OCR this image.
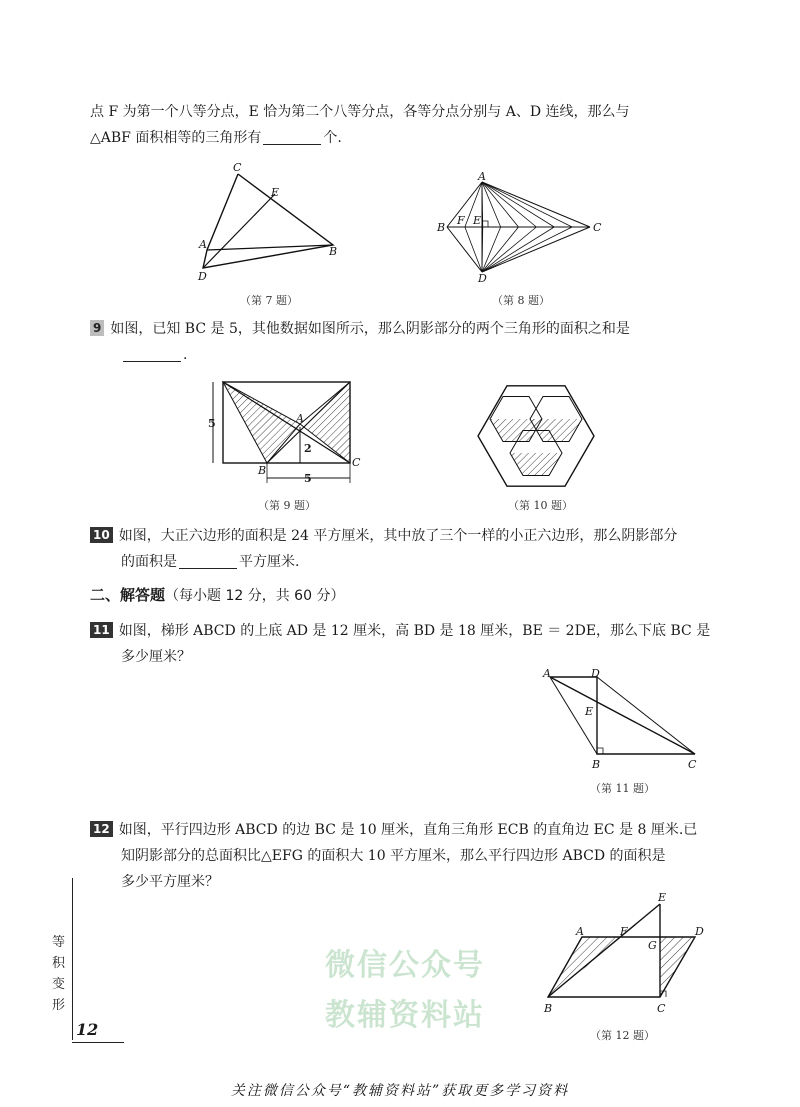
点 F 为第一个八等分点，E 恰为第二个八等分点，各等分点分别与 A、D 连线，那么与
△ABF 面积相等的三角形有	个.
C
E
A
B
D
（第 7 题）
A
B	C
D
F E
（第 8 题）
9 如图，已知 BC 是 5，其他数据如图所示，那么阴影部分的两个三角形的面积之和是
.
5
2
5
A
B
C
（第 9 题）	（第 10 题）
10 如图，大正六边形的面积是 24 平方厘米，其中放了三个一样的小正六边形，那么阴影部分
的面积是	平方厘米.
二、解答题（每小题 12 分，共 60 分）
11 如图，梯形 ABCD 的上底 AD 是 12 厘米，高 BD 是 18 厘米，BE ＝ 2DE，那么下底 BC 是
多少厘米？
A	D
E
B	C
（第 11 题）
微信公众号
教辅资料站
12 如图，平行四边形 ABCD 的边 BC 是 10 厘米，直角三角形 ECB 的直角边 EC 是 8 厘米.已
知阴影部分的总面积比△EFG 的面积大 10 平方厘米，那么平行四边形 ABCD 的面积是
多少平方厘米？
E
A	F
G
D
B	C
（第 12 题）
等
积
变
形
12
关注微信公众号“教辅资料站”获取更多学习资料
